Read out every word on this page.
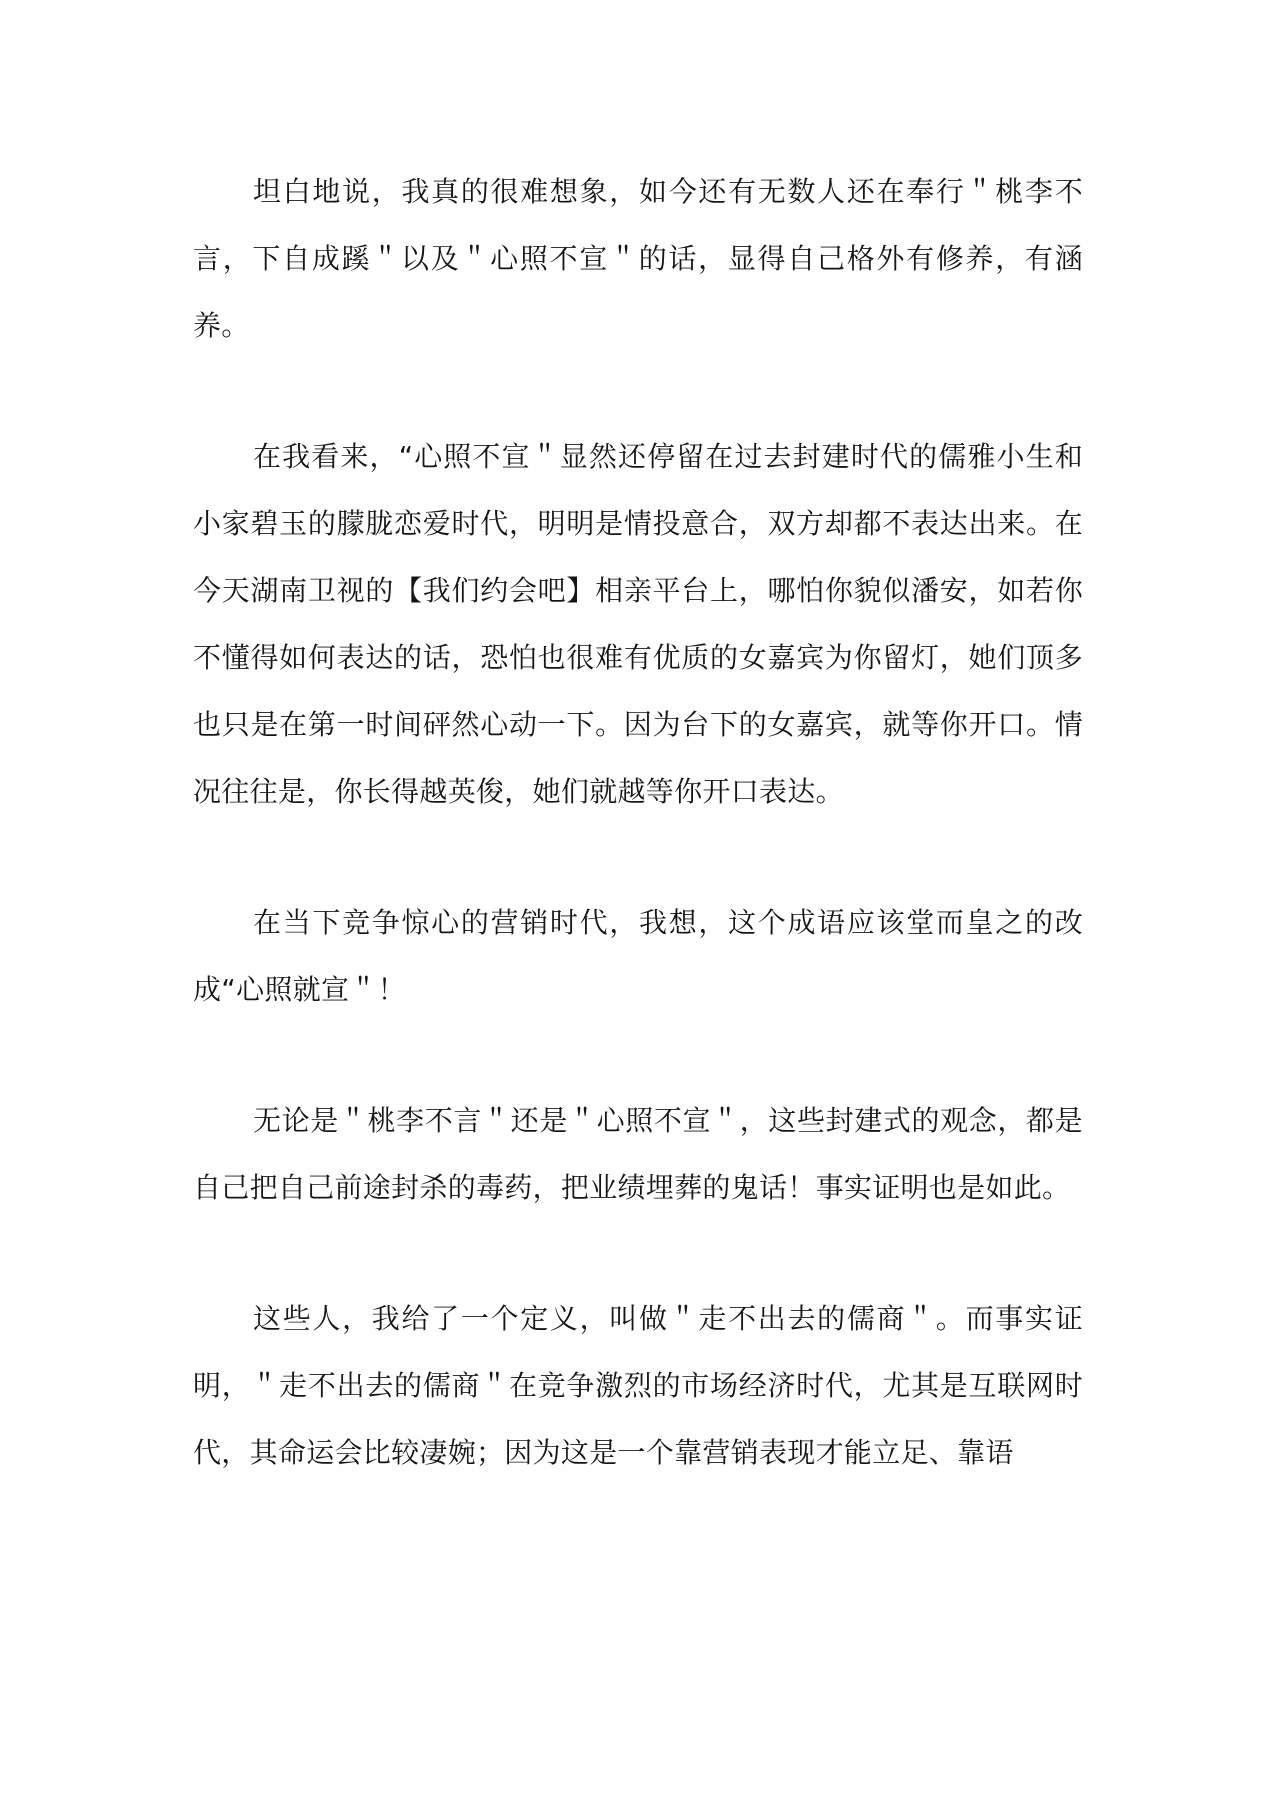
坦白地说，我真的很难想象，如今还有无数人还在奉行＂桃李不言，下自成蹊＂以及＂心照不宣＂的话，显得自己格外有修养，有涵养。

在我看来，“心照不宣＂显然还停留在过去封建时代的儒雅小生和小家碧玉的朦胧恋爱时代，明明是情投意合，双方却都不表达出来。在今天湖南卫视的【我们约会吧】相亲平台上，哪怕你貌似潘安，如若你不懂得如何表达的话，恐怕也很难有优质的女嘉宾为你留灯，她们顶多也只是在第一时间砰然心动一下。因为台下的女嘉宾，就等你开口。情况往往是，你长得越英俊，她们就越等你开口表达。

在当下竞争惊心的营销时代，我想，这个成语应该堂而皇之的改成“心照就宣＂！

无论是＂桃李不言＂还是＂心照不宣＂，这些封建式的观念，都是自己把自己前途封杀的毒药，把业绩埋葬的鬼话！事实证明也是如此。

这些人，我给了一个定义，叫做＂走不出去的儒商＂。而事实证明，＂走不出去的儒商＂在竞争激烈的市场经济时代，尤其是互联网时代，其命运会比较凄婉；因为这是一个靠营销表现才能立足、靠语
